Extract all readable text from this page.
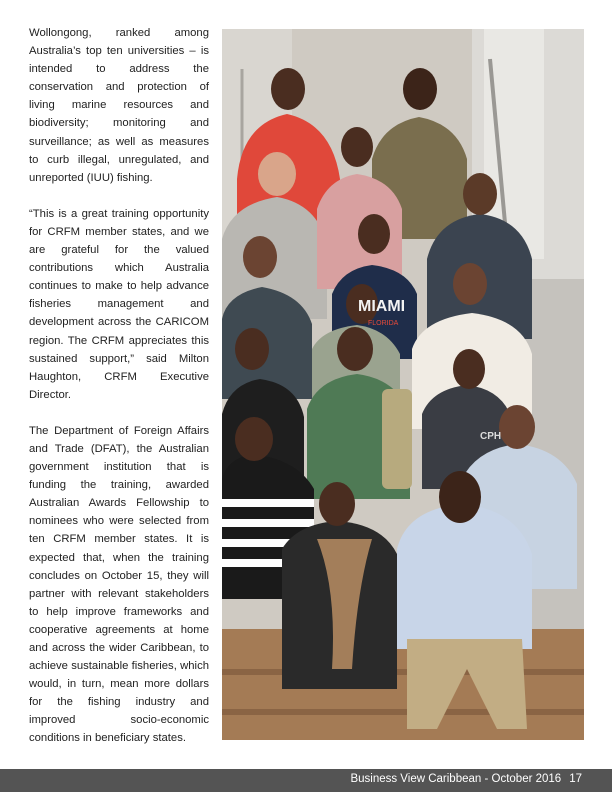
Wollongong, ranked among Australia’s top ten universities – is intended to address the conservation and protection of living marine resources and biodiversity; monitoring and surveillance; as well as measures to curb illegal, unregulated, and unreported (IUU) fishing.

“This is a great training opportunity for CRFM member states, and we are grateful for the valued contributions which Australia continues to make to help advance fisheries management and development across the CARICOM region. The CRFM appreciates this sustained support,” said Milton Haughton, CRFM Executive Director.

The Department of Foreign Affairs and Trade (DFAT), the Australian government institution that is funding the training, awarded Australian Awards Fellowship to nominees who were selected from ten CRFM member states. It is expected that, when the training concludes on October 15, they will partner with relevant stakeholders to help improve frameworks and cooperative agreements at home and across the wider Caribbean, to achieve sustainable fisheries, which would, in turn, mean more dollars for the fishing industry and improved socio-economic conditions in beneficiary states.

MIAMI
FLORIDA
CPH
Business View Caribbean - October 2016 17
